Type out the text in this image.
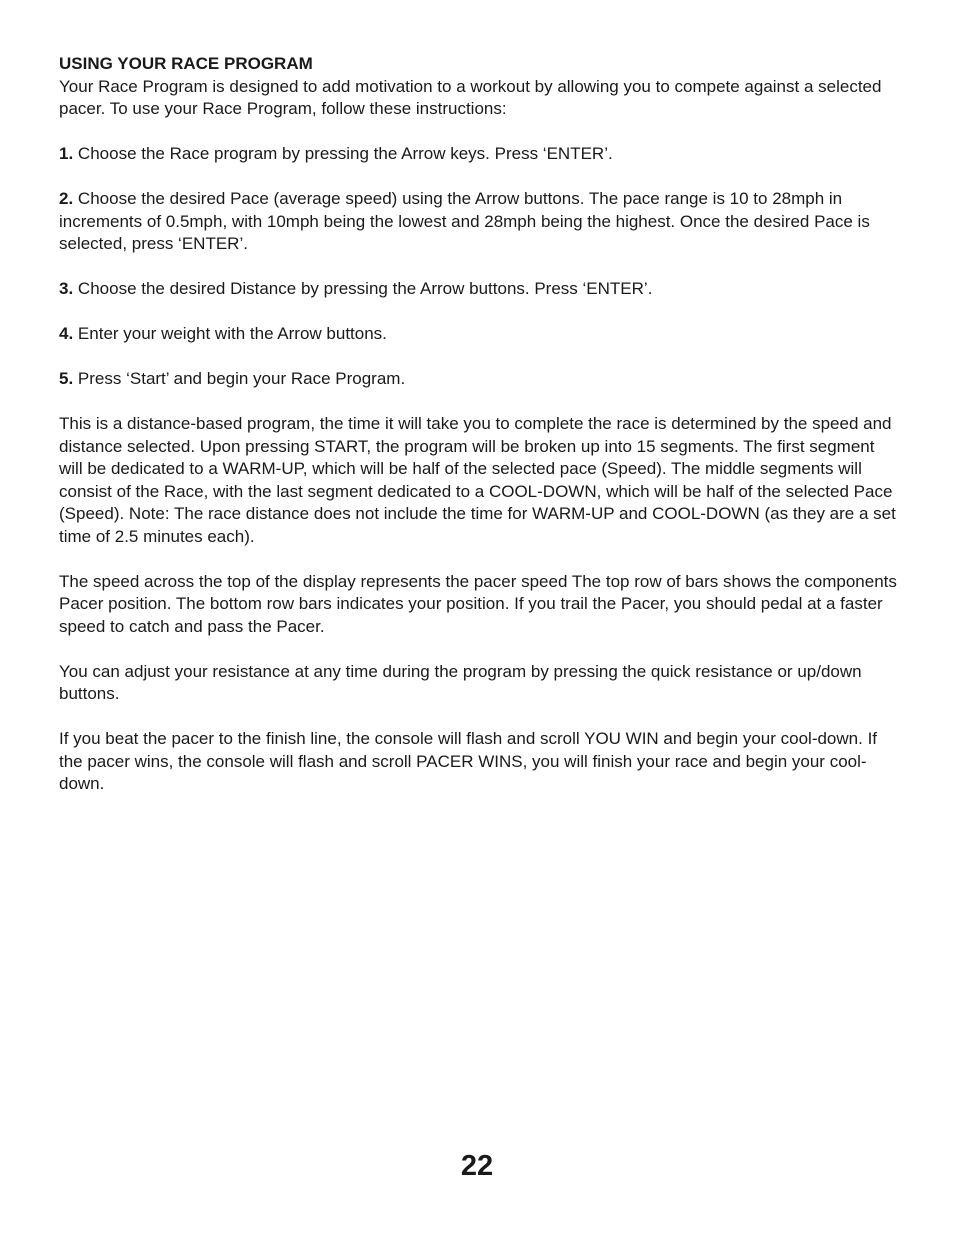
USING YOUR RACE PROGRAM

Your Race Program is designed to add motivation to a workout by allowing you to compete against a selected pacer. To use your Race Program, follow these instructions:

1. Choose the Race program by pressing the Arrow keys. Press ‘ENTER’.

2. Choose the desired Pace (average speed) using the Arrow buttons. The pace range is 10 to 28mph in increments of 0.5mph, with 10mph being the lowest and 28mph being the highest. Once the desired Pace is selected, press ‘ENTER’.

3. Choose the desired Distance by pressing the Arrow buttons. Press ‘ENTER’.

4. Enter your weight with the Arrow buttons.

5. Press ‘Start’ and begin your Race Program.

This is a distance-based program, the time it will take you to complete the race is determined by the speed and distance selected. Upon pressing START, the program will be broken up into 15 segments. The first segment will be dedicated to a WARM-UP, which will be half of the selected pace (Speed). The middle segments will consist of the Race, with the last segment dedicated to a COOL-DOWN, which will be half of the selected Pace (Speed). Note: The race distance does not include the time for WARM-UP and COOL-DOWN (as they are a set time of 2.5 minutes each).

The speed across the top of the display represents the pacer speed The top row of bars shows the components Pacer position. The bottom row bars indicates your position. If you trail the Pacer, you should pedal at a faster speed to catch and pass the Pacer.

You can adjust your resistance at any time during the program by pressing the quick resistance or up/down buttons.

If you beat the pacer to the finish line, the console will flash and scroll YOU WIN and begin your cool-down. If the pacer wins, the console will flash and scroll PACER WINS, you will finish your race and begin your cool-down.

22
